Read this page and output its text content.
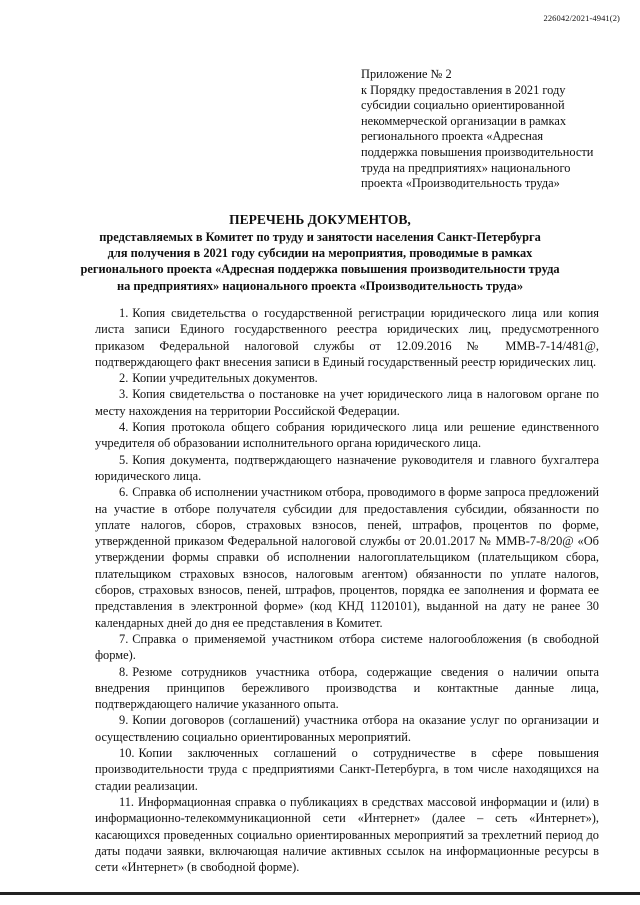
226042/2021-4941(2)
Приложение № 2
к Порядку предоставления в 2021 году
субсидии социально ориентированной
некоммерческой организации в рамках
регионального проекта «Адресная
поддержка повышения производительности
труда на предприятиях» национального
проекта «Производительность труда»
ПЕРЕЧЕНЬ ДОКУМЕНТОВ,
представляемых в Комитет по труду и занятости населения Санкт-Петербурга
для получения в 2021 году субсидии на мероприятия, проводимые в рамках
регионального проекта «Адресная поддержка повышения производительности труда
на предприятиях» национального проекта «Производительность труда»

1. Копия свидетельства о государственной регистрации юридического лица или копия листа записи Единого государственного реестра юридических лиц, предусмотренного приказом Федеральной налоговой службы от 12.09.2016 № ММВ-7-14/481@, подтверждающего факт внесения записи в Единый государственный реестр юридических лиц.

2. Копии учредительных документов.

3. Копия свидетельства о постановке на учет юридического лица в налоговом органе по месту нахождения на территории Российской Федерации.

4. Копия протокола общего собрания юридического лица или решение единственного учредителя об образовании исполнительного органа юридического лица.

5. Копия документа, подтверждающего назначение руководителя и главного бухгалтера юридического лица.

6. Справка об исполнении участником отбора, проводимого в форме запроса предложений на участие в отборе получателя субсидии для предоставления субсидии, обязанности по уплате налогов, сборов, страховых взносов, пеней, штрафов, процентов по форме, утвержденной приказом Федеральной налоговой службы от 20.01.2017 № ММВ-7-8/20@ «Об утверждении формы справки об исполнении налогоплательщиком (плательщиком сбора, плательщиком страховых взносов, налоговым агентом) обязанности по уплате налогов, сборов, страховых взносов, пеней, штрафов, процентов, порядка ее заполнения и формата ее представления в электронной форме» (код КНД 1120101), выданной на дату не ранее 30 календарных дней до дня ее представления в Комитет.

7. Справка о применяемой участником отбора системе налогообложения (в свободной форме).

8. Резюме сотрудников участника отбора, содержащие сведения о наличии опыта внедрения принципов бережливого производства и контактные данные лица, подтверждающего наличие указанного опыта.

9. Копии договоров (соглашений) участника отбора на оказание услуг по организации и осуществлению социально ориентированных мероприятий.

10. Копии заключенных соглашений о сотрудничестве в сфере повышения производительности труда с предприятиями Санкт-Петербурга, в том числе находящихся на стадии реализации.

11. Информационная справка о публикациях в средствах массовой информации и (или) в информационно-телекоммуникационной сети «Интернет» (далее – сеть «Интернет»), касающихся проведенных социально ориентированных мероприятий за трехлетний период до даты подачи заявки, включающая наличие активных ссылок на информационные ресурсы в сети «Интернет» (в свободной форме).
